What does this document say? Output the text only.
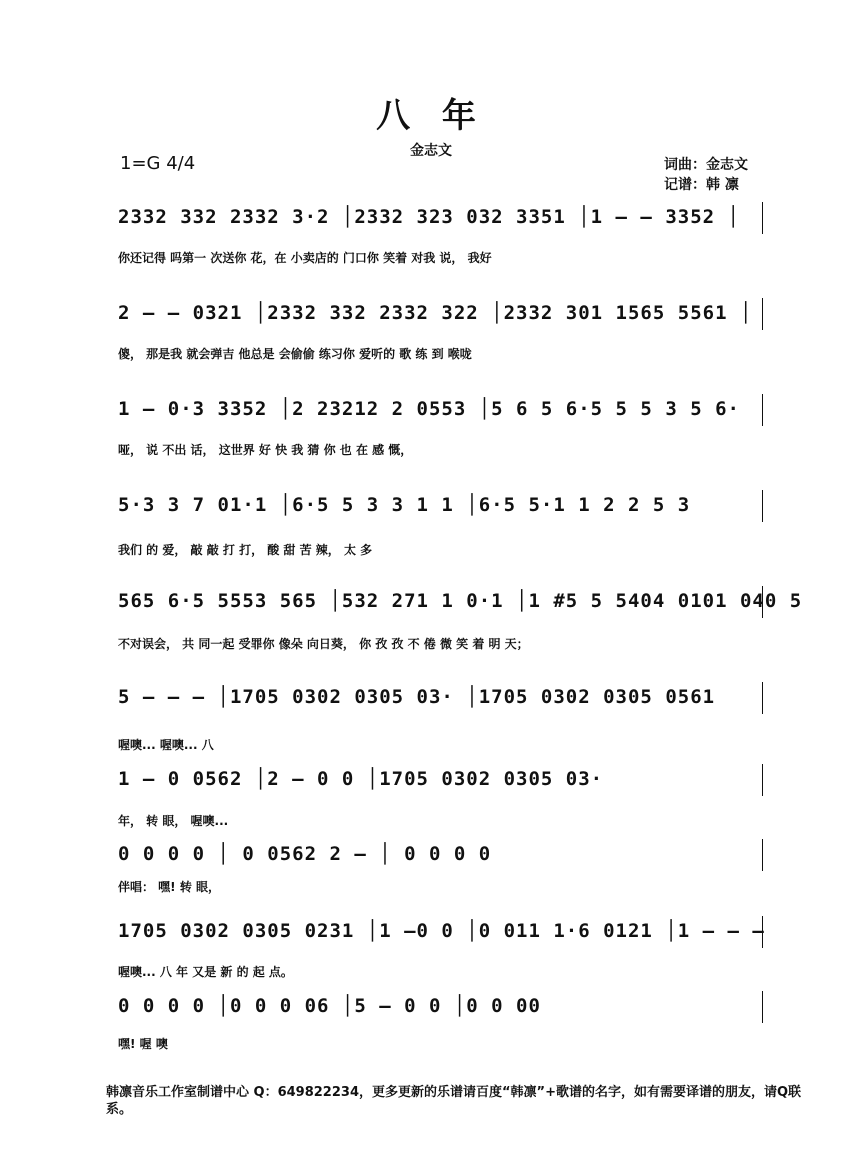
八 年
金志文
1=G 4/4	词曲：金志文
记谱：韩 凛
2332 332 2332 3·2 │2332 323 032 3351 │1 – – 3352 │
你还记得 吗第一 次送你 花，在 小卖店的 门口你 笑着 对我 说， 我好
2 – – 0321 │2332 332 2332 322 │2332 301 1565 5561 │
傻， 那是我 就会弹吉 他总是 会偷偷 练习你 爱听的 歌 练 到 喉咙
1 – 0·3 3352 │2 23212 2 0553 │5 6 5 6·5 5 5 3 5 6·
哑， 说 不出 话， 这世界 好 快 我 猜 你 也 在 感 慨，
5·3 3 7 01·1 │6·5 5 3 3 1 1 │6·5 5·1 1 2 2 5 3
我们 的 爱， 敲 敲 打 打， 酸 甜 苦 辣， 太 多
565 6·5 5553 565 │532 271 1 0·1 │1 #5 5 5404 0101 040 5
不对误会， 共 同一起 受罪你 像朵 向日葵， 你 孜 孜 不 倦 微 笑 着 明 天；
5 – – – │1705 0302 0305 03· │1705 0302 0305 0561
喔噢... 喔噢... 八
1 – 0 0562 │2 – 0 0 │1705 0302 0305 03·
年， 转 眼， 喔噢...
0 0 0 0 │ 0 0562 2 – │ 0 0 0 0
伴唱： 嘿! 转 眼，
1705 0302 0305 0231 │1 –0 0 │0 011 1·6 0121 │1 – – –
喔噢... 八 年 又是 新 的 起 点。
0 0 0 0 │0 0 0 06 │5 – 0 0 │0 0 00
嘿! 喔 噢
韩凛音乐工作室制谱中心 Q：649822234，更多更新的乐谱请百度“韩凛”+歌谱的名字，如有需要译谱的朋友，请Q联系。
